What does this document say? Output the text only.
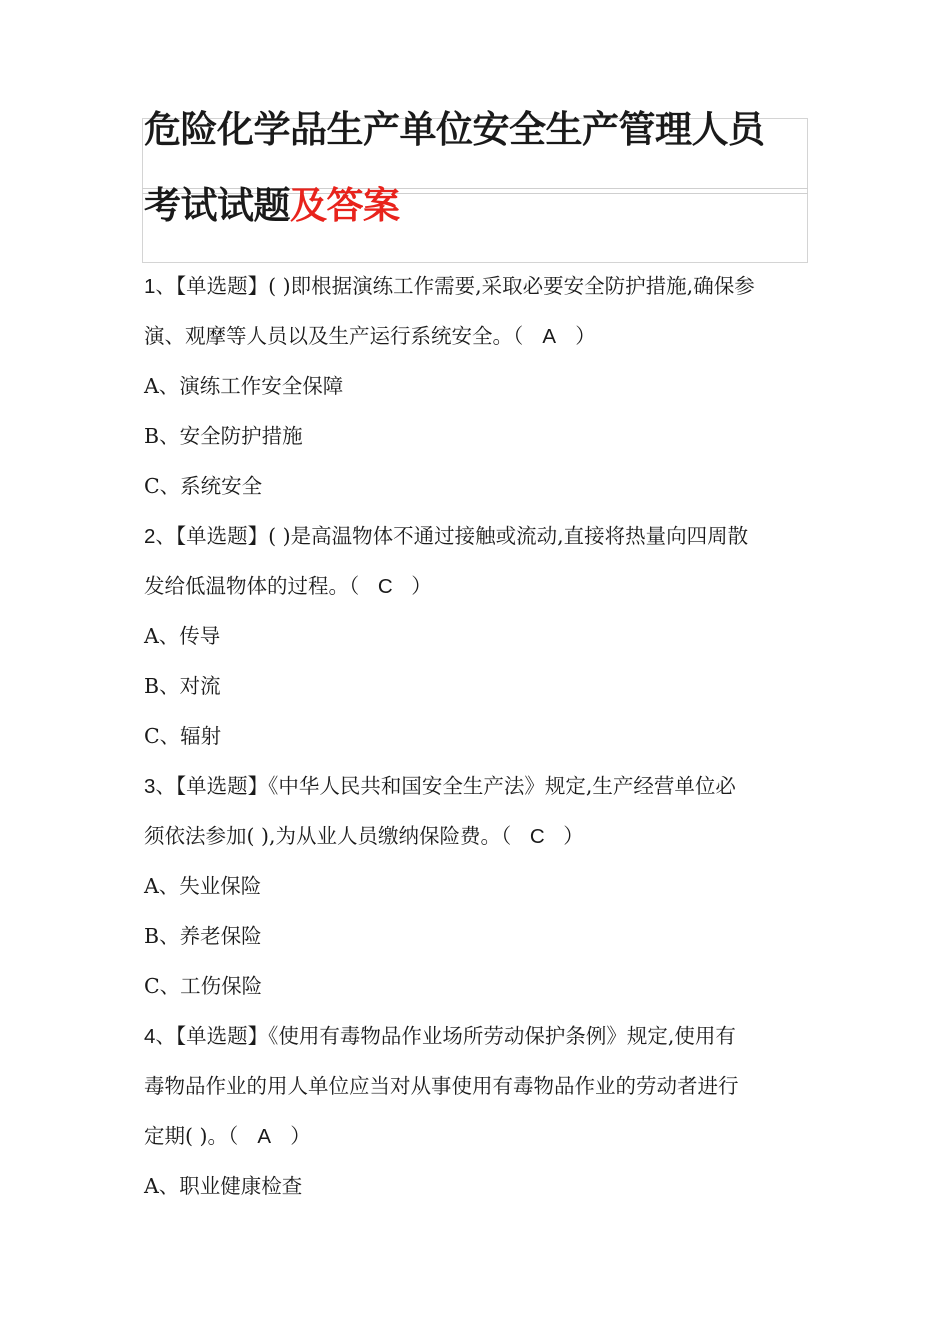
危险化学品生产单位安全生产管理人员
考试试题及答案
1、【单选题】( )即根据演练工作需要,采取必要安全防护措施,确保参
演、观摩等人员以及生产运行系统安全。（ A ）
A、演练工作安全保障
B、安全防护措施
C、系统安全
2、【单选题】( )是高温物体不通过接触或流动,直接将热量向四周散
发给低温物体的过程。（ C ）
A、传导
B、对流
C、辐射
3、【单选题】《中华人民共和国安全生产法》规定,生产经营单位必
须依法参加( ),为从业人员缴纳保险费。（ C ）
A、失业保险
B、养老保险
C、工伤保险
4、【单选题】《使用有毒物品作业场所劳动保护条例》规定,使用有
毒物品作业的用人单位应当对从事使用有毒物品作业的劳动者进行
定期( )。（ A ）
A、职业健康检查
